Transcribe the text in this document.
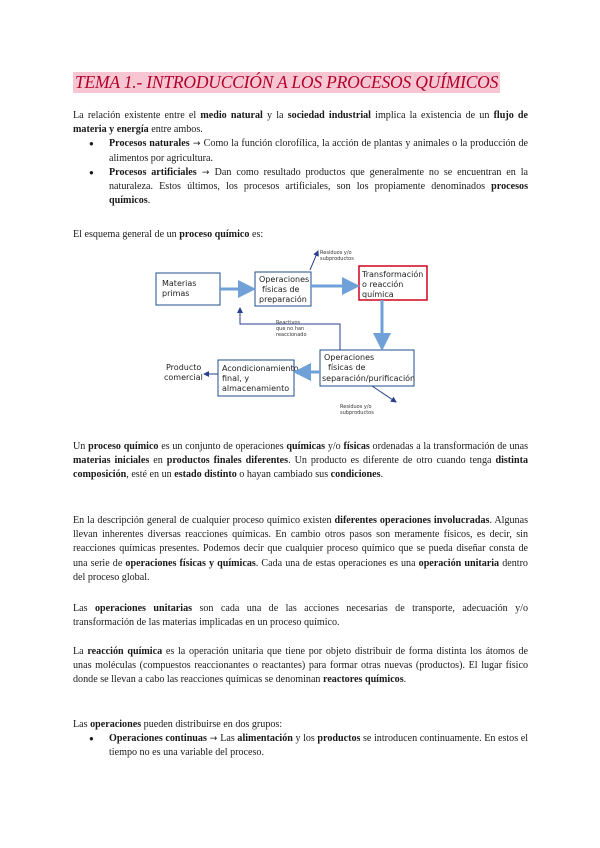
TEMA 1.- INTRODUCCIÓN A LOS PROCESOS QUÍMICOS

La relación existente entre el medio natural y la sociedad industrial implica la existencia de un flujo de materia y energía entre ambos.

● Procesos naturales → Como la función clorofílica, la acción de plantas y animales o la producción de alimentos por agricultura.
● Procesos artificiales → Dan como resultado productos que generalmente no se encuentran en la naturaleza. Estos últimos, los procesos artificiales, son los propiamente denominados procesos químicos.

El esquema general de un proceso químico es:

Materias
primas
Operaciones
físicas de
preparación
Transformación
o reacción
química
Operaciones
físicas de
separación/purificación
Acondicionamiento
final, y
almacenamiento
Producto
comercial
Residuos y/o
subproductos
Reactivos
que no han
reaccionado
Residuos y/o
subproductos

Un proceso químico es un conjunto de operaciones químicas y/o físicas ordenadas a la transformación de unas materias iniciales en productos finales diferentes. Un producto es diferente de otro cuando tenga distinta composición, esté en un estado distinto o hayan cambiado sus condiciones.

En la descripción general de cualquier proceso químico existen diferentes operaciones involucradas. Algunas llevan inherentes diversas reacciones químicas. En cambio otros pasos son meramente físicos, es decir, sin reacciones químicas presentes. Podemos decir que cualquier proceso químico que se pueda diseñar consta de una serie de operaciones físicas y químicas. Cada una de estas operaciones es una operación unitaria dentro del proceso global.

Las operaciones unitarias son cada una de las acciones necesarias de transporte, adecuación y/o transformación de las materias implicadas en un proceso químico.

La reacción química es la operación unitaria que tiene por objeto distribuir de forma distinta los átomos de unas moléculas (compuestos reaccionantes o reactantes) para formar otras nuevas (productos). El lugar físico donde se llevan a cabo las reacciones químicas se denominan reactores químicos.

Las operaciones pueden distribuirse en dos grupos:

● Operaciones continuas → Las alimentación y los productos se introducen continuamente. En estos el tiempo no es una variable del proceso.
